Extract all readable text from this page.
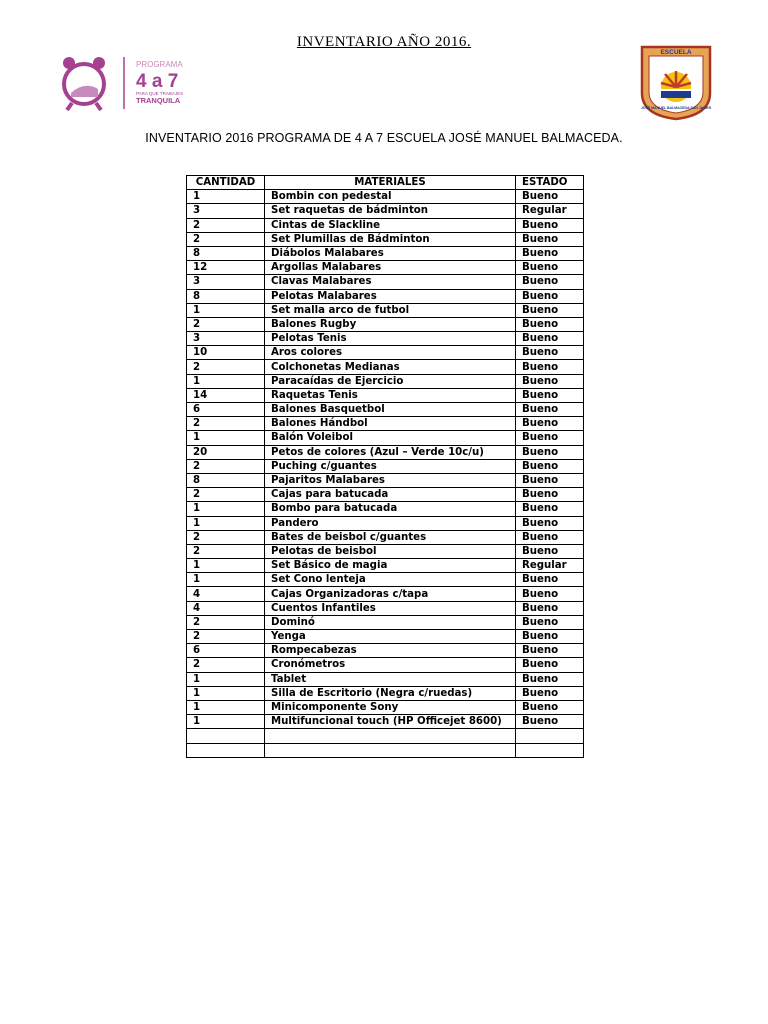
INVENTARIO AÑO 2016.
PROGRAMA
4 a 7
PARA QUE TRABAJES
TRANQUILA
ESCUELA
JOSÉ MANUEL BALMACEDA SAN JAVIER
INVENTARIO 2016 PROGRAMA DE 4 A 7 ESCUELA JOSÉ MANUEL BALMACEDA.
CANTIDAD	MATERIALES	ESTADO
1	Bombin con pedestal	Bueno
3	Set raquetas de bádminton	Regular
2	Cintas de Slackline	Bueno
2	Set Plumillas de Bádminton	Bueno
8	Diábolos Malabares	Bueno
12	Argollas Malabares	Bueno
3	Clavas Malabares	Bueno
8	Pelotas Malabares	Bueno
1	Set malla arco de futbol	Bueno
2	Balones Rugby	Bueno
3	Pelotas Tenis	Bueno
10	Aros colores	Bueno
2	Colchonetas Medianas	Bueno
1	Paracaídas de Ejercicio	Bueno
14	Raquetas Tenis	Bueno
6	Balones Basquetbol	Bueno
2	Balones Hándbol	Bueno
1	Balón Voleibol	Bueno
20	Petos de colores (Azul – Verde 10c/u)	Bueno
2	Puching c/guantes	Bueno
8	Pajaritos Malabares	Bueno
2	Cajas para batucada	Bueno
1	Bombo para batucada	Bueno
1	Pandero	Bueno
2	Bates de beisbol c/guantes	Bueno
2	Pelotas de beisbol	Bueno
1	Set Básico de magia	Regular
1	Set Cono lenteja	Bueno
4	Cajas Organizadoras c/tapa	Bueno
4	Cuentos Infantiles	Bueno
2	Dominó	Bueno
2	Yenga	Bueno
6	Rompecabezas	Bueno
2	Cronómetros	Bueno
1	Tablet	Bueno
1	Silla de Escritorio (Negra c/ruedas)	Bueno
1	Minicomponente Sony	Bueno
1	Multifuncional touch (HP Officejet 8600)	Bueno
